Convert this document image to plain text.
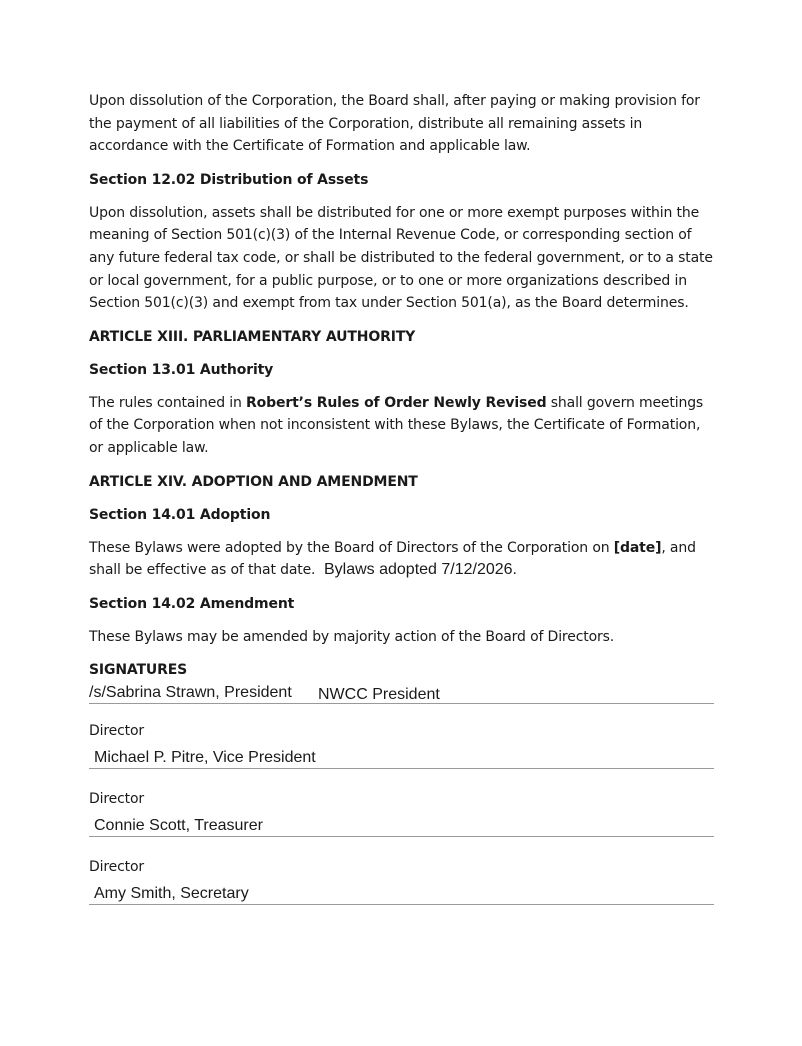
Upon dissolution of the Corporation, the Board shall, after paying or making provision for the payment of all liabilities of the Corporation, distribute all remaining assets in accordance with the Certificate of Formation and applicable law.

Section 12.02 Distribution of Assets

Upon dissolution, assets shall be distributed for one or more exempt purposes within the meaning of Section 501(c)(3) of the Internal Revenue Code, or corresponding section of any future federal tax code, or shall be distributed to the federal government, or to a state or local government, for a public purpose, or to one or more organizations described in Section 501(c)(3) and exempt from tax under Section 501(a), as the Board determines.

ARTICLE XIII. PARLIAMENTARY AUTHORITY
Section 13.01 Authority

The rules contained in Robert’s Rules of Order Newly Revised shall govern meetings of the Corporation when not inconsistent with these Bylaws, the Certificate of Formation, or applicable law.

ARTICLE XIV. ADOPTION AND AMENDMENT
Section 14.01 Adoption

These Bylaws were adopted by the Board of Directors of the Corporation on [date], and shall be effective as of that date. Bylaws adopted 7/12/2026.

Section 14.02 Amendment

These Bylaws may be amended by majority action of the Board of Directors.

SIGNATURES
/s/Sabrina Strawn, President NWCC President
Director
Michael P. Pitre, Vice President
Director
Connie Scott, Treasurer
Director
Amy Smith, Secretary
